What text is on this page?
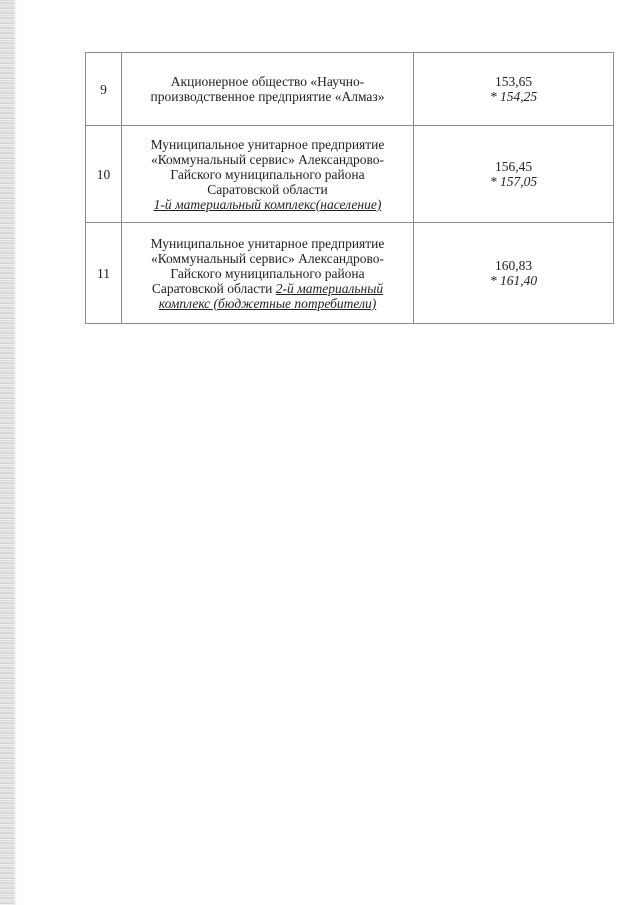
9	Акционерное общество «Научно-
производственное предприятие «Алмаз»	153,65
* 154,25

10	Муниципальное унитарное предприятие
«Коммунальный сервис» Александрово-
Гайского муниципального района
Саратовской области
1-й материальный комплекс(население)	156,45
* 157,05

11	Муниципальное унитарное предприятие
«Коммунальный сервис» Александрово-
Гайского муниципального района
Саратовской области 2-й материальный
комплекс (бюджетные потребители)	160,83
* 161,40
